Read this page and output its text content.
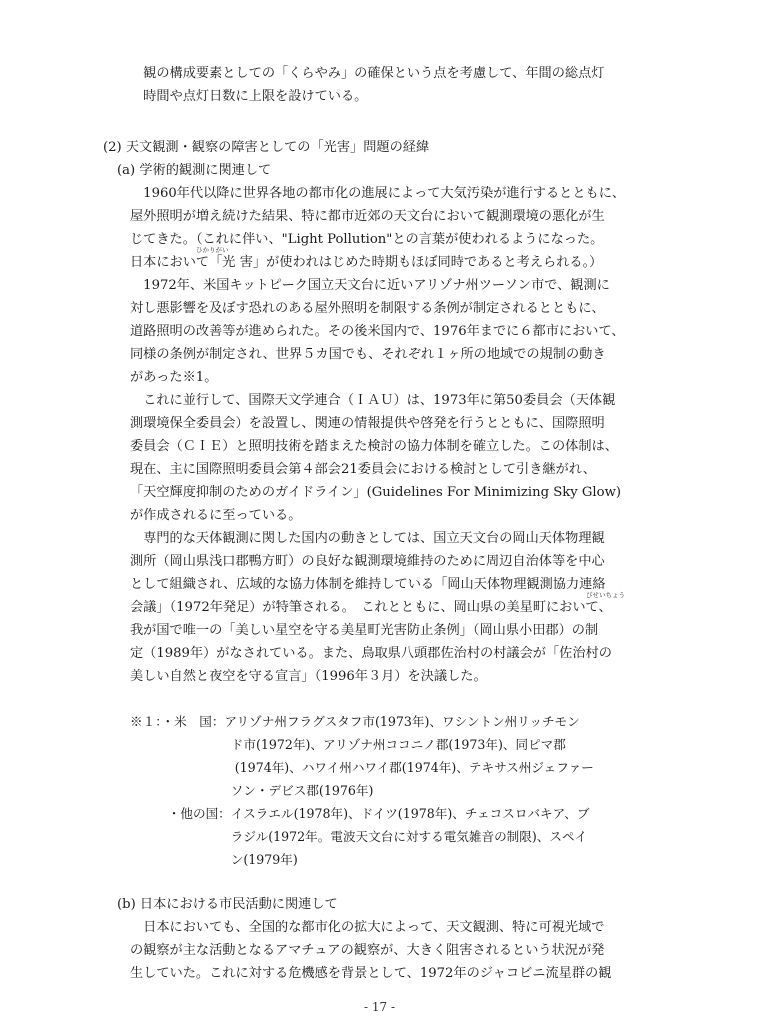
　観の構成要素としての「くらやみ」の確保という点を考慮して、年間の総点灯
　時間や点灯日数に上限を設けている。
(2) 天文観測・観察の障害としての「光害」問題の経緯
(a) 学術的観測に関連して
　1960年代以降に世界各地の都市化の進展によって大気汚染が進行するとともに、
屋外照明が増え続けた結果、特に都市近郊の天文台において観測環境の悪化が生
じてきた。（これに伴い、"Light Pollution"との言葉が使われるようになった。
ひかりがい
日本において「光 害」が使われはじめた時期もほぼ同時であると考えられる。）
　1972年、米国キットピーク国立天文台に近いアリゾナ州ツーソン市で、観測に
対し悪影響を及ぼす恐れのある屋外照明を制限する条例が制定されるとともに、
道路照明の改善等が進められた。その後米国内で、1976年までに６都市において、
同様の条例が制定され、世界５カ国でも、それぞれ１ヶ所の地域での規制の動き
があった※1。
　これに並行して、国際天文学連合（ＩＡＵ）は、1973年に第50委員会（天体観
測環境保全委員会）を設置し、関連の情報提供や啓発を行うとともに、国際照明
委員会（ＣＩＥ）と照明技術を踏まえた検討の協力体制を確立した。この体制は、
現在、主に国際照明委員会第４部会21委員会における検討として引き継がれ、
「天空輝度抑制のためのガイドライン」(Guidelines For Minimizing Sky Glow)
が作成されるに至っている。
　専門的な天体観測に関した国内の動きとしては、国立天文台の岡山天体物理観
測所（岡山県浅口郡鴨方町）の良好な観測環境維持のために周辺自治体等を中心
として組織され、広域的な協力体制を維持している「岡山天体物理観測協力連絡
びせいちょう
会議」（1972年発足）が特筆される。　これとともに、岡山県の美星町において、
我が国で唯一の「美しい星空を守る美星町光害防止条例」（岡山県小田郡）の制
定（1989年）がなされている。また、鳥取県八頭郡佐治村の村議会が「佐治村の
美しい自然と夜空を守る宣言」（1996年３月）を決議した。
※１：・米　国：アリゾナ州フラグスタフ市(1973年)、ワシントン州リッチモン
　　　　　　　　ド市(1972年)、アリゾナ州ココニノ郡(1973年)、同ピマ郡
　　　　　　　　 (1974年)、ハワイ州ハワイ郡(1974年)、テキサス州ジェファー
　　　　　　　　ソン・デビス郡(1976年)
　　　・他の国：イスラエル(1978年)、ドイツ(1978年)、チェコスロバキア、ブ
　　　　　　　　ラジル(1972年。電波天文台に対する電気雑音の制限)、スペイ
　　　　　　　　ン(1979年)
(b) 日本における市民活動に関連して
　日本においても、全国的な都市化の拡大によって、天文観測、特に可視光域で
の観察が主な活動となるアマチュアの観察が、大きく阻害されるという状況が発
生していた。これに対する危機感を背景として、1972年のジャコビニ流星群の観
- 17 -
